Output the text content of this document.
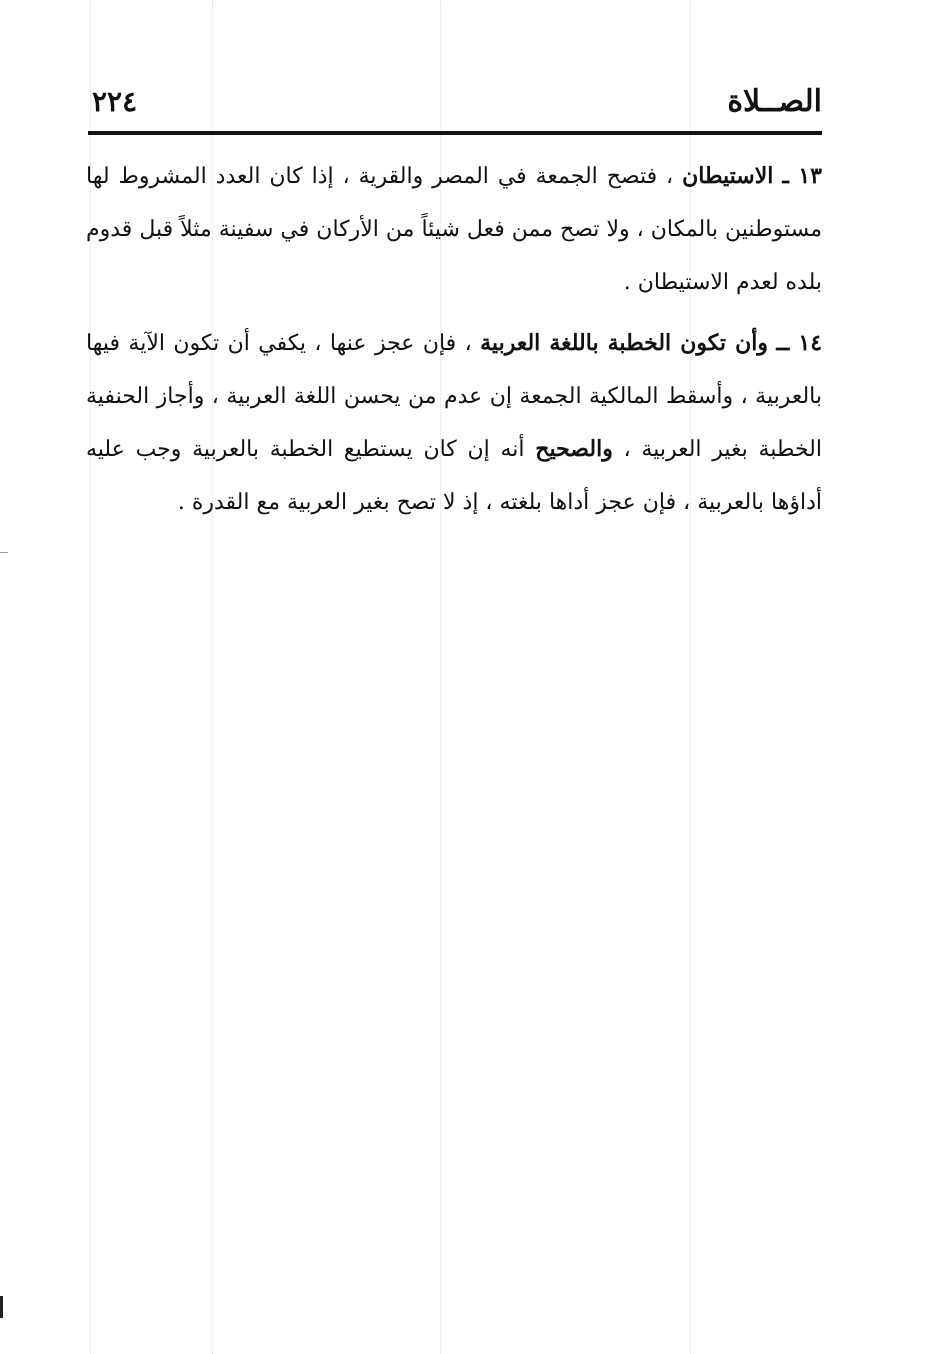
الصــلاة
٢٢٤

١٣ ـ الاستيطان ، فتصح الجمعة في المصر والقرية ، إذا كان العدد المشروط لها مستوطنين بالمكان ، ولا تصح ممن فعل شيئاً من الأركان في سفينة مثلاً قبل قدوم بلده لعدم الاستيطان .

١٤ ــ وأن تكون الخطبة باللغة العربية ، فإن عجز عنها ، يكفي أن تكون الآية فيها بالعربية ، وأسقط المالكية الجمعة إن عدم من يحسن اللغة العربية ، وأجاز الحنفية الخطبة بغير العربية ، والصحيح أنه إن كان يستطيع الخطبة بالعربية وجب عليه أداؤها بالعربية ، فإن عجز أداها بلغته ، إذ لا تصح بغير العربية مع القدرة .
